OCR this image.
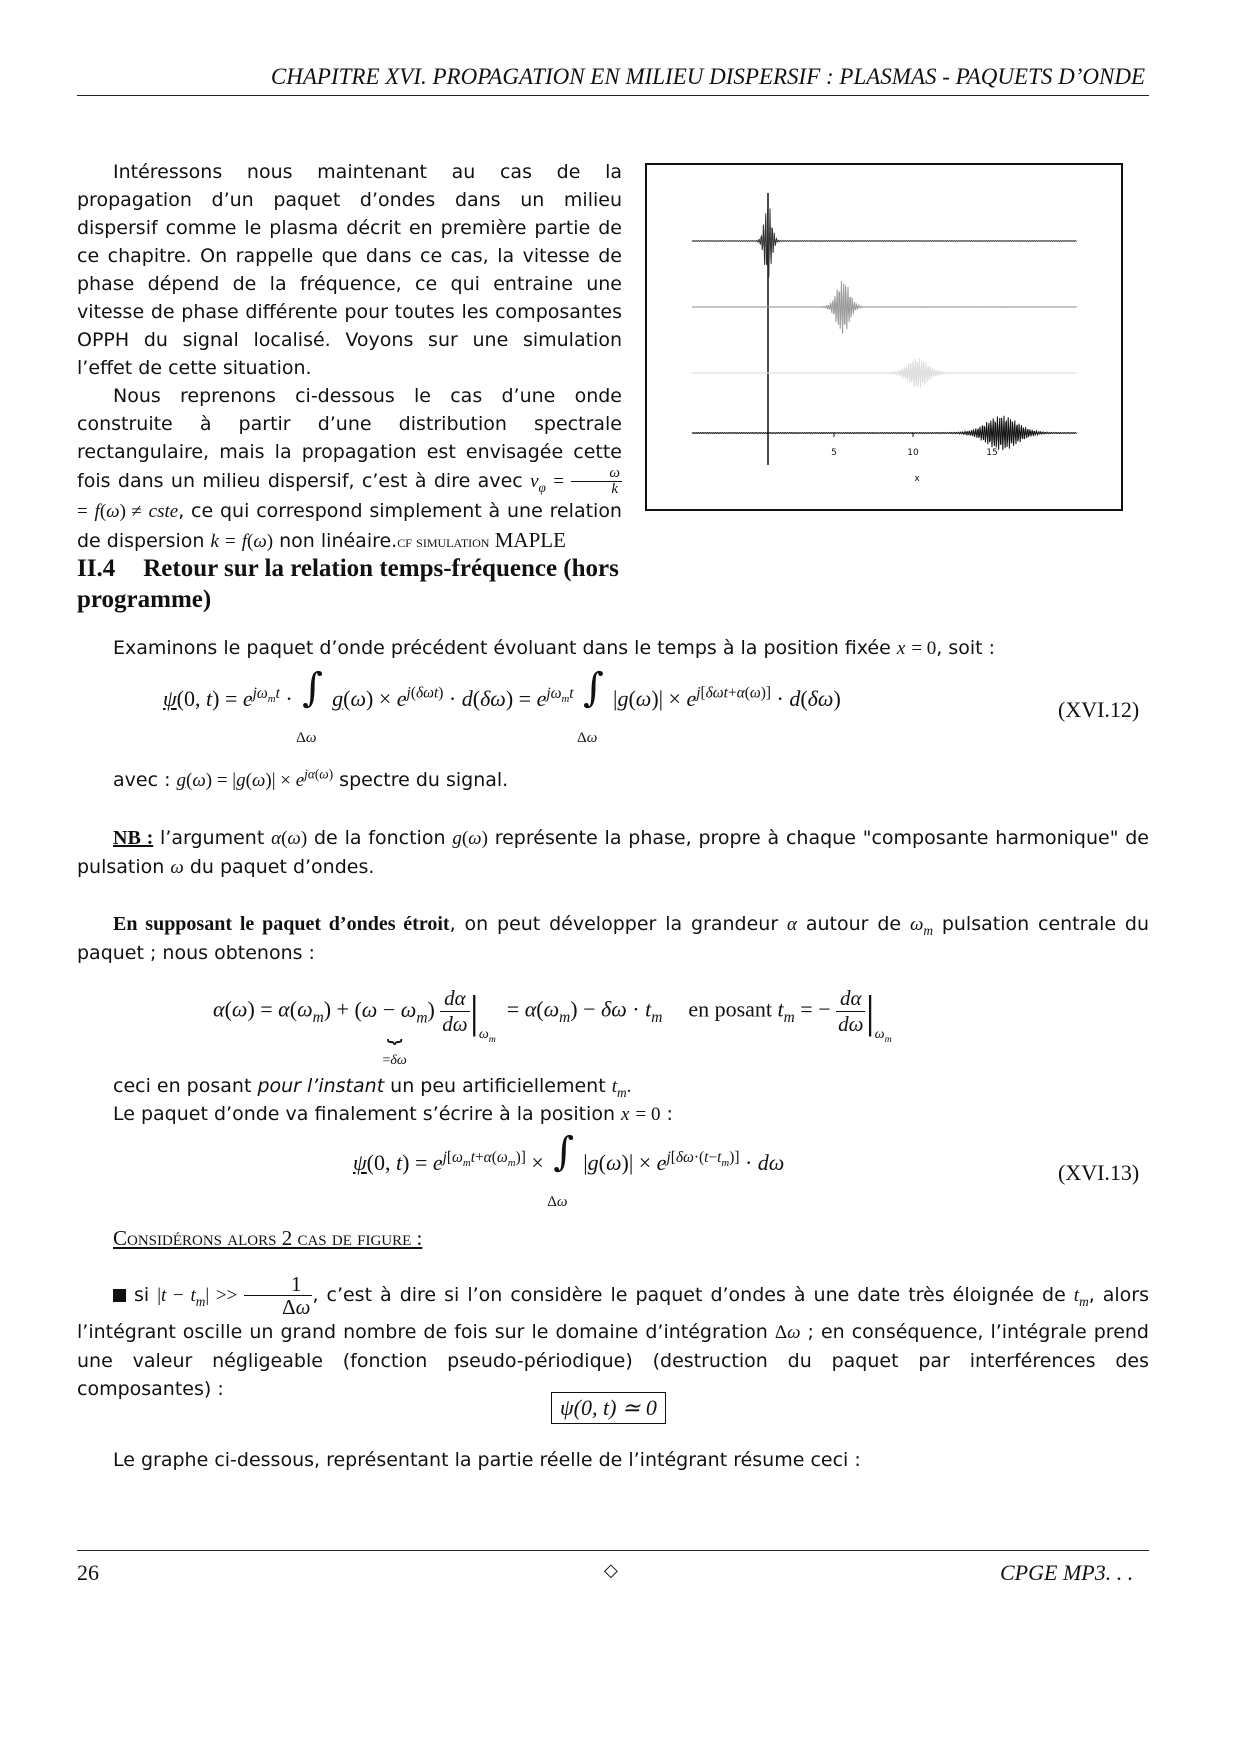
CHAPITRE XVI. PROPAGATION EN MILIEU DISPERSIF : PLASMAS - PAQUETS D’ONDE

Intéressons nous maintenant au cas de la propagation d’un paquet d’ondes dans un milieu dispersif comme le plasma décrit en première partie de ce chapitre. On rappelle que dans ce cas, la vitesse de phase dépend de la fréquence, ce qui entraine une vitesse de phase différente pour toutes les composantes OPPH du signal localisé. Voyons sur une simulation l’effet de cette situation.

Nous reprenons ci-dessous le cas d’une onde construite à partir d’une distribution spectrale rectangulaire, mais la propagation est envisagée cette fois dans un milieu dispersif, c’est à dire avec $v_\varphi = \frac{\omega}{k}$
= f(ω) ≠ cste, ce qui correspond simplement à une relation de dispersion k = f(ω) non linéaire.cf simulation MAPLE

5	10	15
x
II.4 Retour sur la relation temps-fréquence (hors programme)
Examinons le paquet d’onde précédent évoluant dans le temps à la position fixée x = 0, soit :
ψ(0, $t) = e^{j\omega_mt}$ · ∫
Δω
$g(\omega) \times e^{j(\delta\omega t)} \cdot d(\delta\omega) = e^{j\omega_mt}$ ∫
Δω
$|g(\omega)| \times e^{j[\delta\omega t+\alpha(\omega)]} \cdot d(\delta\omega)$	(XVI.12)
avec : $g(\omega) = |g(\omega)| \times e^{j\alpha(\omega)}$ spectre du signal.

NB : l’argument α(ω) de la fonction g(ω) représente la phase, propre à chaque "composante harmonique" de pulsation ω du paquet d’ondes.

En supposant le paquet d’ondes étroit, on peut développer la grandeur α autour de $\omega_m$ pulsation centrale du paquet ; nous obtenons :

$\alpha(\omega) = \alpha(\omega_m) + (\omega - \omega_m)$
⏟
=δω

$\frac{d\alpha}{d\omega} |_{\omega_m} = \alpha(\omega_m) - \delta\omega \cdot t_m$ en posant $t_m$ = − $\frac{d\alpha}{d\omega} |_{\omega_m}$
ceci en posant pour l’instant un peu artificiellement $t_m$.
Le paquet d’onde va finalement s’écrire à la position x = 0 :
ψ(0, $t) = e^{j[\omega_mt+\alpha(\omega_m)]}$ × ∫
Δω
$|g(\omega)| \times e^{j[\delta\omega\cdot(t-t_m)]} \cdot d\omega$	(XVI.13)
Considérons alors 2 cas de figure :

si $|t - t_m| >> \frac{1}{\Delta\omega}$ , c’est à dire si l’on considère le paquet d’ondes à une date très éloignée de $t_m$, alors l’intégrant oscille un grand nombre de fois sur le domaine d’intégration Δω ; en conséquence, l’intégrale prend une valeur négligeable (fonction pseudo-périodique) (destruction du paquet par interférences des composantes) :

ψ(0, t) ≃ 0
Le graphe ci-dessous, représentant la partie réelle de l’intégrant résume ceci :
26	◇	CPGE MP3. . .
